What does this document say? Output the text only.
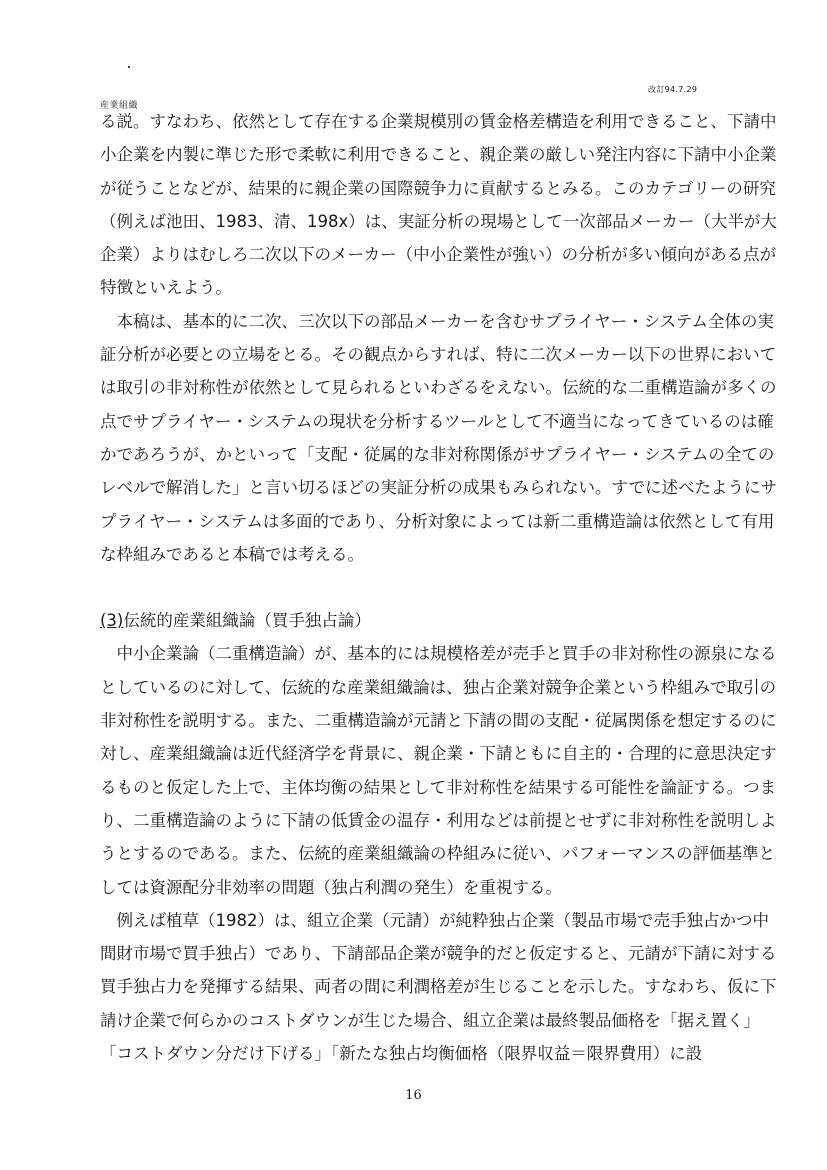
産業組織
改訂94.7.29

る説。すなわち、依然として存在する企業規模別の賃金格差構造を利用できること、下請中小企業を内製に準じた形で柔軟に利用できること、親企業の厳しい発注内容に下請中小企業が従うことなどが、結果的に親企業の国際競争力に貢献するとみる。このカテゴリーの研究（例えば池田、1983、清、198x）は、実証分析の現場として一次部品メーカー（大半が大企業）よりはむしろ二次以下のメーカー（中小企業性が強い）の分析が多い傾向がある点が特徴といえよう。

本稿は、基本的に二次、三次以下の部品メーカーを含むサプライヤー・システム全体の実証分析が必要との立場をとる。その観点からすれば、特に二次メーカー以下の世界においては取引の非対称性が依然として見られるといわざるをえない。伝統的な二重構造論が多くの点でサプライヤー・システムの現状を分析するツールとして不適当になってきているのは確かであろうが、かといって「支配・従属的な非対称関係がサプライヤー・システムの全てのレベルで解消した」と言い切るほどの実証分析の成果もみられない。すでに述べたようにサプライヤー・システムは多面的であり、分析対象によっては新二重構造論は依然として有用な枠組みであると本稿では考える。

(3)伝統的産業組織論（買手独占論）

中小企業論（二重構造論）が、基本的には規模格差が売手と買手の非対称性の源泉になるとしているのに対して、伝統的な産業組織論は、独占企業対競争企業という枠組みで取引の非対称性を説明する。また、二重構造論が元請と下請の間の支配・従属関係を想定するのに対し、産業組織論は近代経済学を背景に、親企業・下請ともに自主的・合理的に意思決定するものと仮定した上で、主体均衡の結果として非対称性を結果する可能性を論証する。つまり、二重構造論のように下請の低賃金の温存・利用などは前提とせずに非対称性を説明しようとするのである。また、伝統的産業組織論の枠組みに従い、パフォーマンスの評価基準としては資源配分非効率の問題（独占利潤の発生）を重視する。

例えば植草（1982）は、組立企業（元請）が純粋独占企業（製品市場で売手独占かつ中間財市場で買手独占）であり、下請部品企業が競争的だと仮定すると、元請が下請に対する買手独占力を発揮する結果、両者の間に利潤格差が生じることを示した。すなわち、仮に下請け企業で何らかのコストダウンが生じた場合、組立企業は最終製品価格を「据え置く」「コストダウン分だけ下げる」「新たな独占均衡価格（限界収益＝限界費用）に設

16
